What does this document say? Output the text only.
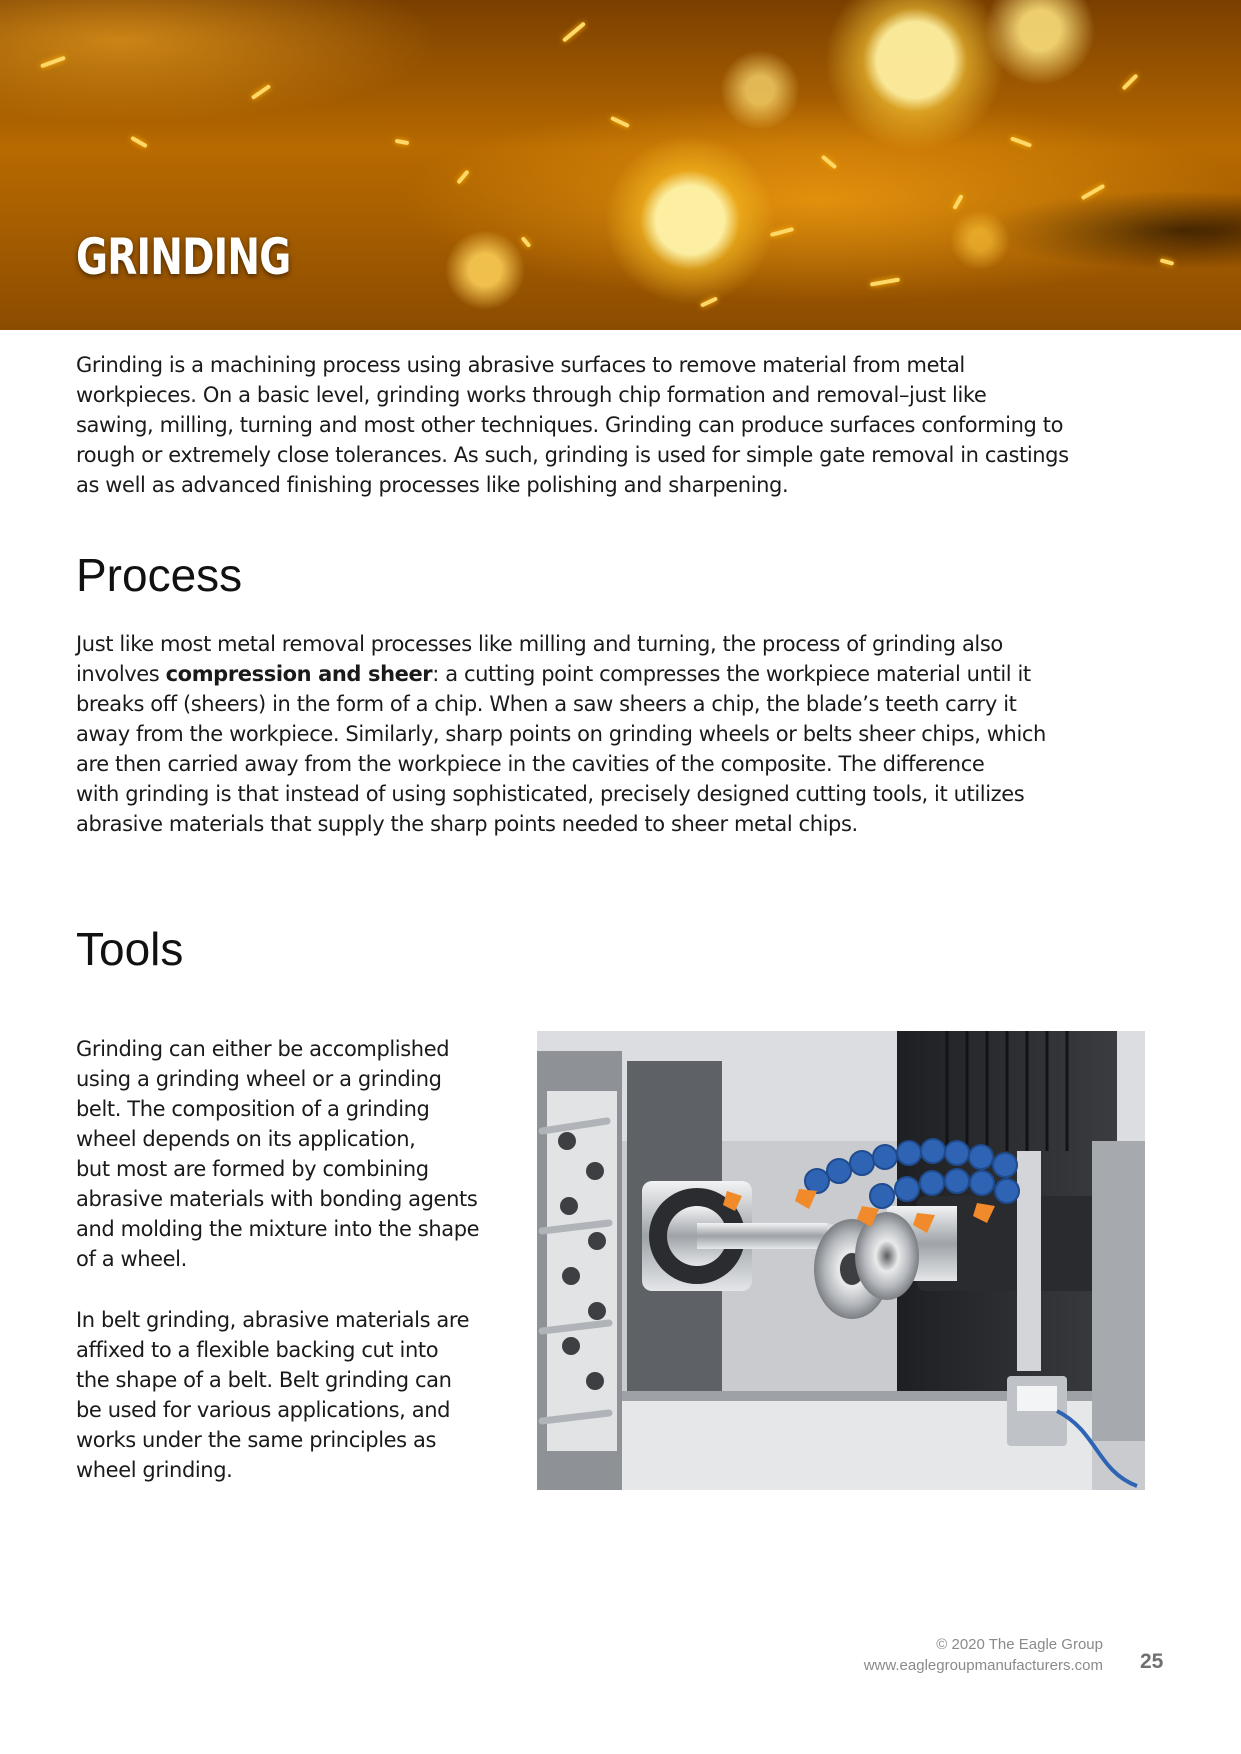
GRINDING
Grinding is a machining process using abrasive surfaces to remove material from metal
workpieces. On a basic level, grinding works through chip formation and removal–just like
sawing, milling, turning and most other techniques. Grinding can produce surfaces conforming to
rough or extremely close tolerances. As such, grinding is used for simple gate removal in castings
as well as advanced finishing processes like polishing and sharpening.
Process
Just like most metal removal processes like milling and turning, the process of grinding also
involves compression and sheer: a cutting point compresses the workpiece material until it
breaks off (sheers) in the form of a chip. When a saw sheers a chip, the blade’s teeth carry it
away from the workpiece. Similarly, sharp points on grinding wheels or belts sheer chips, which
are then carried away from the workpiece in the cavities of the composite. The difference
with grinding is that instead of using sophisticated, precisely designed cutting tools, it utilizes
abrasive materials that supply the sharp points needed to sheer metal chips.
Tools
Grinding can either be accomplished
using a grinding wheel or a grinding
belt. The composition of a grinding
wheel depends on its application,
but most are formed by combining
abrasive materials with bonding agents
and molding the mixture into the shape
of a wheel.
In belt grinding, abrasive materials are
affixed to a flexible backing cut into
the shape of a belt. Belt grinding can
be used for various applications, and
works under the same principles as
wheel grinding.

© 2020 The Eagle Group

www.eaglegroupmanufacturers.com 25
